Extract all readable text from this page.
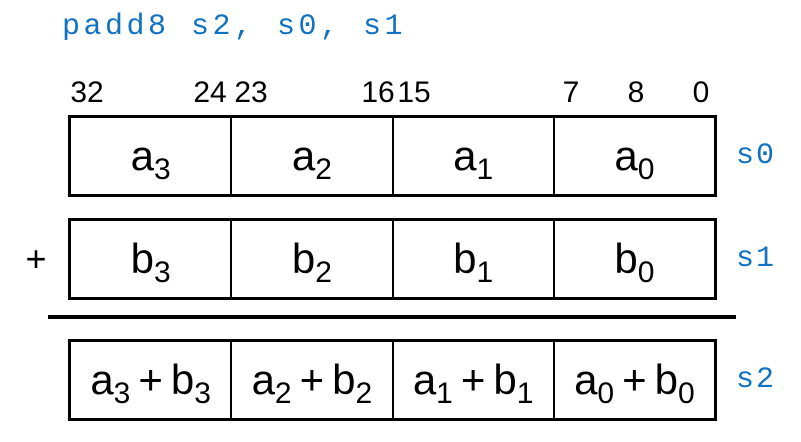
padd8 s2, s0, s1
32	24 23	16 15	7 8 0
+
$a_3$	$a_2$	$a_1$	$a_0$	s0
$b_3$	$b_2$	$b_1$	$b_0$	s1
$a_3 + b_3$ $a_2 + b_2$ $a_1 + b_1$ $a_0 + b_0$ s2
